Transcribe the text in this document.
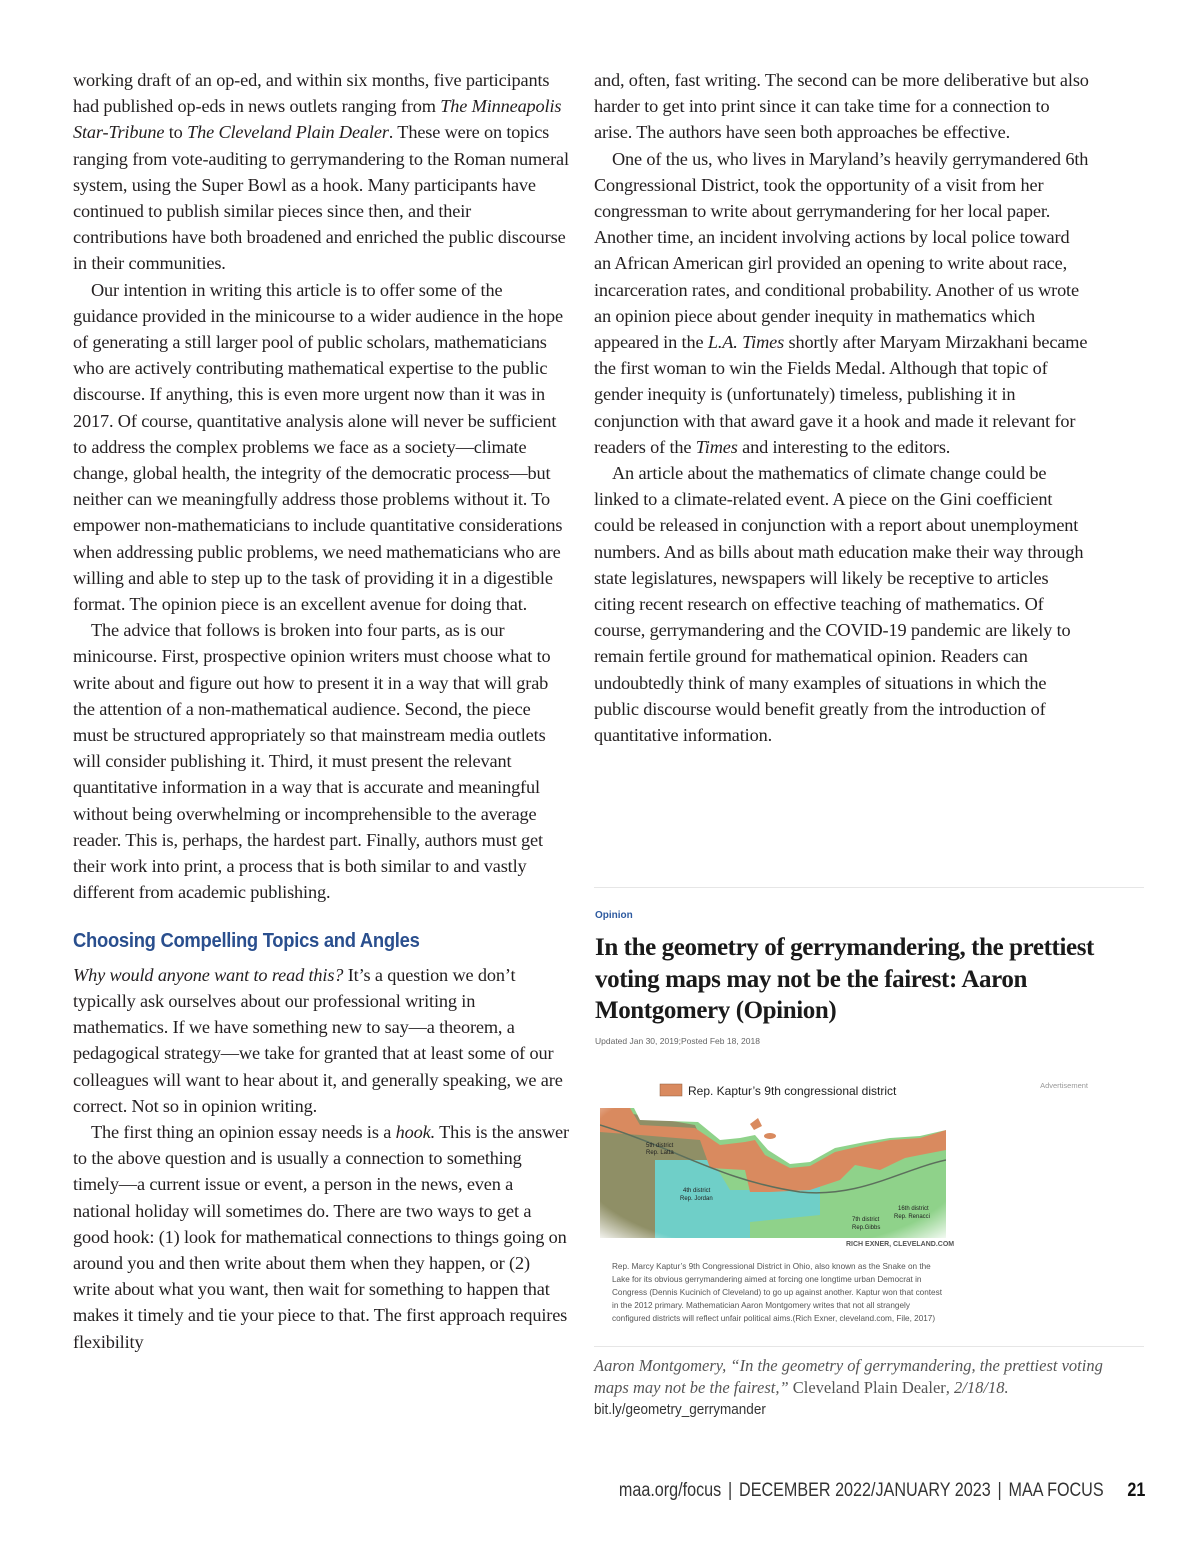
working draft of an op-ed, and within six months, five participants had published op-eds in news outlets ranging from The Minneapolis Star-Tribune to The Cleveland Plain Dealer. These were on topics ranging from vote-auditing to gerrymandering to the Roman numeral system, using the Super Bowl as a hook. Many participants have continued to publish similar pieces since then, and their contributions have both broadened and enriched the public discourse in their communities.

Our intention in writing this article is to offer some of the guidance provided in the minicourse to a wider audience in the hope of generating a still larger pool of public scholars, mathematicians who are actively contributing mathematical expertise to the public discourse. If anything, this is even more urgent now than it was in 2017. Of course, quantitative analysis alone will never be sufficient to address the complex problems we face as a society—climate change, global health, the integrity of the democratic process—but neither can we meaningfully address those problems without it. To empower non-mathematicians to include quantitative considerations when addressing public problems, we need mathematicians who are willing and able to step up to the task of providing it in a digestible format. The opinion piece is an excellent avenue for doing that.

The advice that follows is broken into four parts, as is our minicourse. First, prospective opinion writers must choose what to write about and figure out how to present it in a way that will grab the attention of a non-mathematical audience. Second, the piece must be structured appropriately so that mainstream media outlets will consider publishing it. Third, it must present the relevant quantitative information in a way that is accurate and meaningful without being overwhelming or incomprehensible to the average reader. This is, perhaps, the hardest part. Finally, authors must get their work into print, a process that is both similar to and vastly different from academic publishing.

Choosing Compelling Topics and Angles

Why would anyone want to read this? It’s a question we don’t typically ask ourselves about our professional writing in mathematics. If we have something new to say—a theorem, a pedagogical strategy—we take for granted that at least some of our colleagues will want to hear about it, and generally speaking, we are correct. Not so in opinion writing.

The first thing an opinion essay needs is a hook. This is the answer to the above question and is usually a connection to something timely—a current issue or event, a person in the news, even a national holiday will sometimes do. There are two ways to get a good hook: (1) look for mathematical connections to things going on around you and then write about them when they happen, or (2) write about what you want, then wait for something to happen that makes it timely and tie your piece to that. The first approach requires flexibility

and, often, fast writing. The second can be more deliberative but also harder to get into print since it can take time for a connection to arise. The authors have seen both approaches be effective.

One of the us, who lives in Maryland’s heavily gerrymandered 6th Congressional District, took the opportunity of a visit from her congressman to write about gerrymandering for her local paper. Another time, an incident involving actions by local police toward an African American girl provided an opening to write about race, incarceration rates, and conditional probability. Another of us wrote an opinion piece about gender inequity in mathematics which appeared in the L.A. Times shortly after Maryam Mirzakhani became the first woman to win the Fields Medal. Although that topic of gender inequity is (unfortunately) timeless, publishing it in conjunction with that award gave it a hook and made it relevant for readers of the Times and interesting to the editors.

An article about the mathematics of climate change could be linked to a climate-related event. A piece on the Gini coefficient could be released in conjunction with a report about unemployment numbers. And as bills about math education make their way through state legislatures, newspapers will likely be receptive to articles citing recent research on effective teaching of mathematics. Of course, gerrymandering and the COVID-19 pandemic are likely to remain fertile ground for mathematical opinion. Readers can undoubtedly think of many examples of situations in which the public discourse would benefit greatly from the introduction of quantitative information.

Opinion
In the geometry of gerrymandering, the prettiest voting maps may not be the fairest: Aaron Montgomery (Opinion)
Updated Jan 30, 2019;Posted Feb 18, 2018
Advertisement
Rep. Kaptur’s 9th congressional district
5th district
Rep. Latta
4th district
Rep. Jordan
7th district
Rep.Gibbs
16th district
Rep. Renacci
RICH EXNER, CLEVELAND.COM
Rep. Marcy Kaptur’s 9th Congressional District in Ohio, also known as the Snake on the Lake for its obvious gerrymandering aimed at forcing one longtime urban Democrat in Congress (Dennis Kucinich of Cleveland) to go up against another. Kaptur won that contest in the 2012 primary. Mathematician Aaron Montgomery writes that not all strangely configured districts will reflect unfair political aims.(Rich Exner, cleveland.com, File, 2017)
Aaron Montgomery, “In the geometry of gerrymandering, the prettiest voting maps may not be the fairest,” Cleveland Plain Dealer, 2/18/18.
bit.ly/geometry_gerrymander
maa.org/focus | DECEMBER 2022/JANUARY 2023 | MAA FOCUS 21
